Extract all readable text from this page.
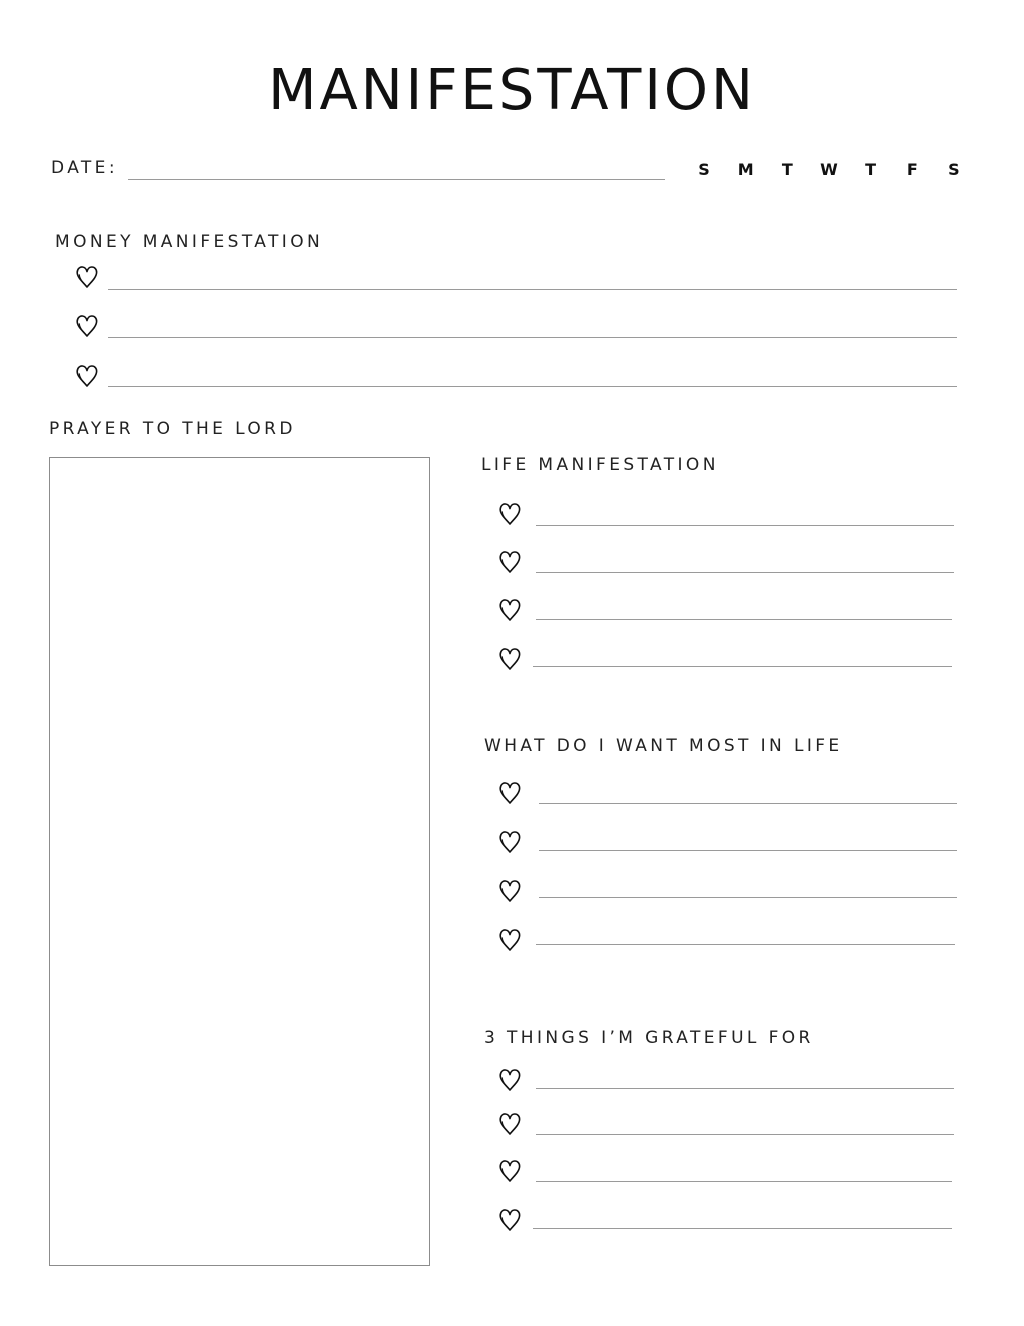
MANIFESTATION
DATE:	S M T W T F S
MONEY MANIFESTATION
PRAYER TO THE LORD
LIFE MANIFESTATION
WHAT DO I WANT MOST IN LIFE
3 THINGS I’M GRATEFUL FOR
